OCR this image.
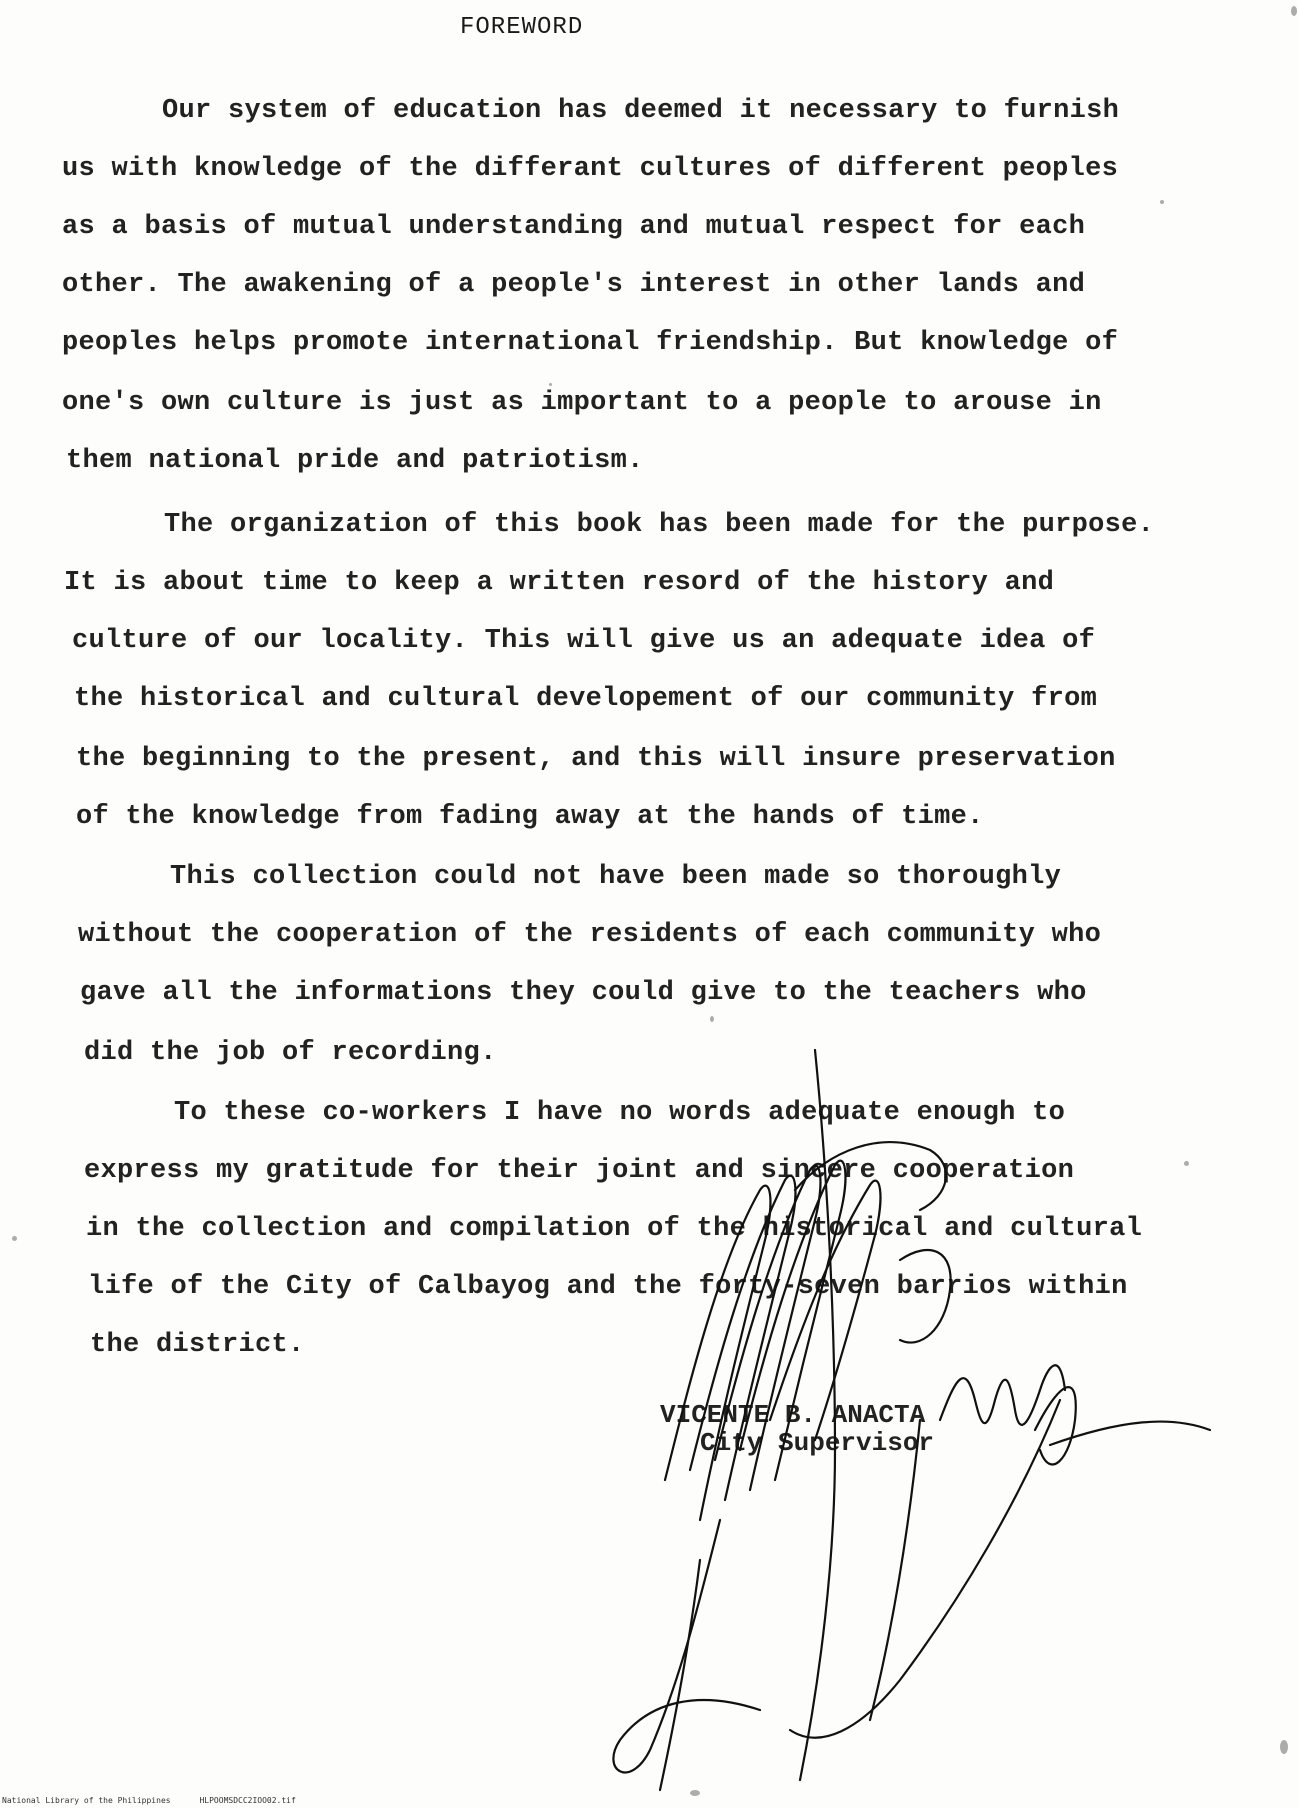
FOREWORD
Our system of education has deemed it necessary to furnish
us with knowledge of the differant cultures of different peoples
as a basis of mutual understanding and mutual respect for each
other. The awakening of a people's interest in other lands and
peoples helps promote international friendship. But knowledge of
one's own culture is just as important to a people to arouse in
them national pride and patriotism.
The organization of this book has been made for the purpose.
It is about time to keep a written resord of the history and
culture of our locality. This will give us an adequate idea of
the historical and cultural developement of our community from
the beginning to the present, and this will insure preservation
of the knowledge from fading away at the hands of time.
This collection could not have been made so thoroughly
without the cooperation of the residents of each community who
gave all the informations they could give to the teachers who
did the job of recording.
To these co-workers I have no words adequate enough to
express my gratitude for their joint and sincere cooperation
in the collection and compilation of the historical and cultural
life of the City of Calbayog and the forty-seven barrios within
the district.
VICENTE B. ANACTA
City Supervisor
National Library of the Philippines	HLPOOMSDCC2IOO02.tif
